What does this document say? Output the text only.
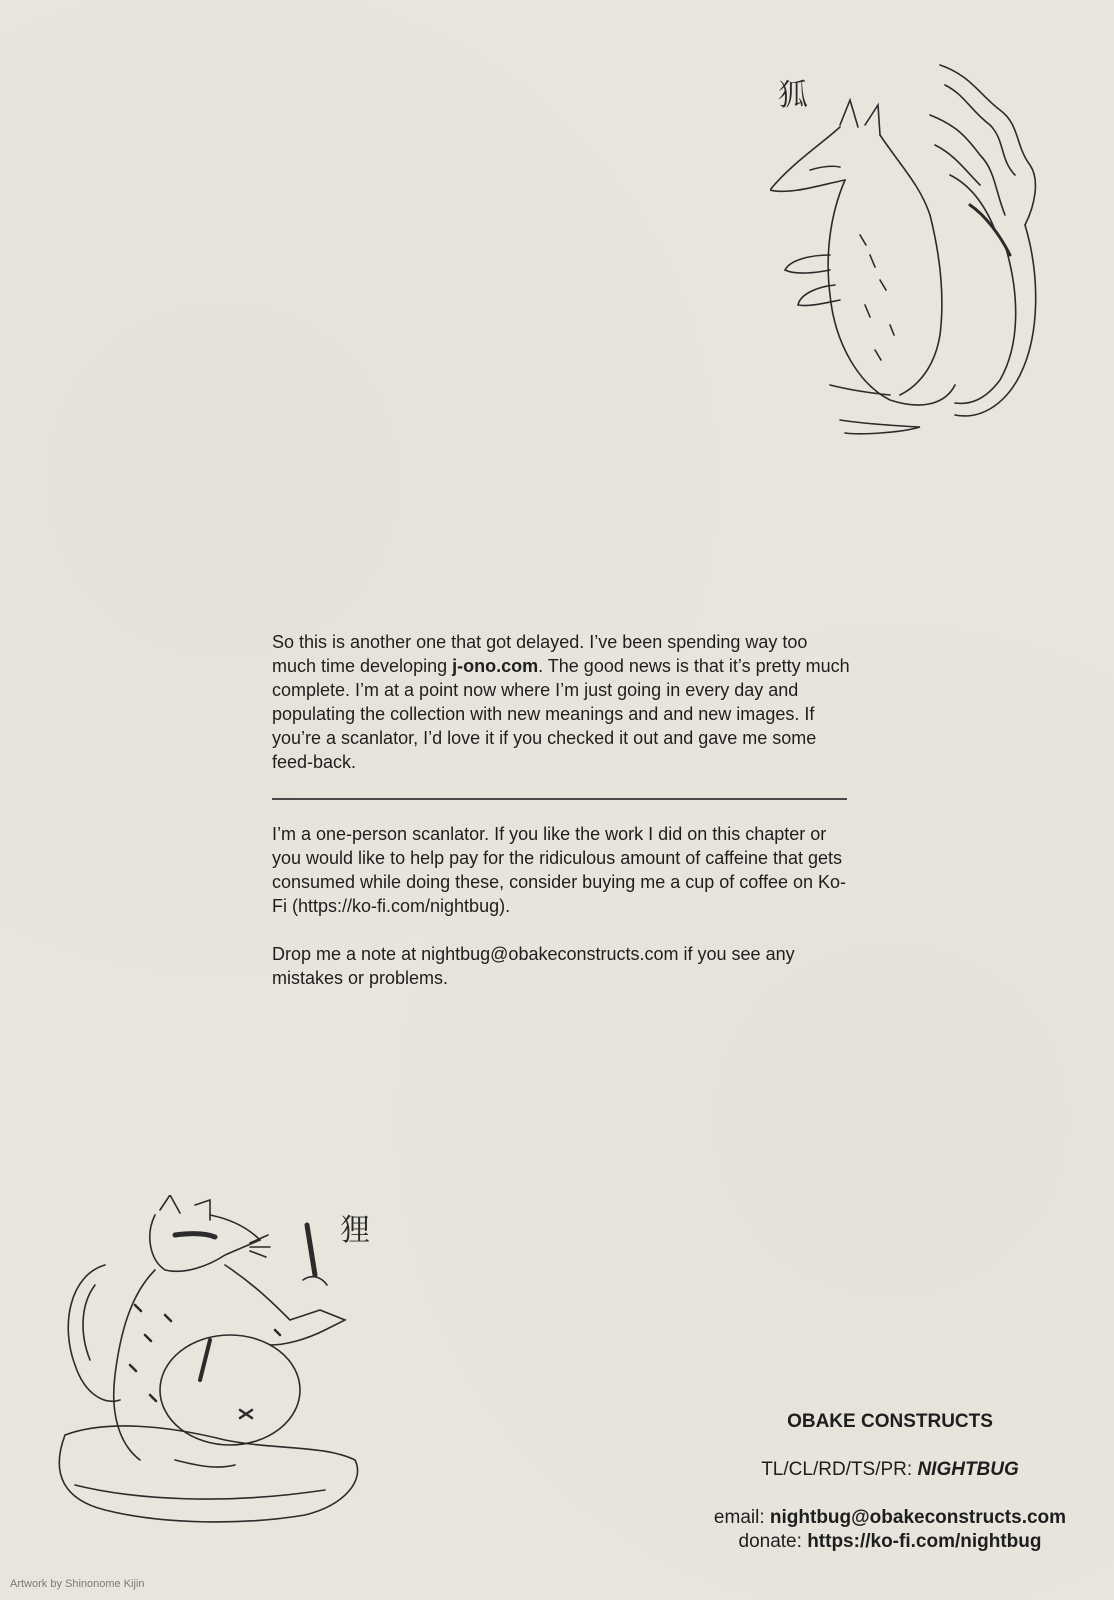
狐

So this is another one that got delayed. I’ve been spending way too much time developing j-ono.com. The good news is that it’s pretty much complete. I’m at a point now where I’m just going in every day and populating the collection with new meanings and and new images. If you’re a scanlator, I’d love it if you checked it out and gave me some feed-back.

I’m a one-person scanlator. If you like the work I did on this chapter or you would like to help pay for the ridiculous amount of caffeine that gets consumed while doing these, consider buying me a cup of coffee on Ko-Fi (https://ko-fi.com/nightbug).

Drop me a note at nightbug@obakeconstructs.com if you see any mistakes or problems.

狸
OBAKE CONSTRUCTS
TL/CL/RD/TS/PR: NIGHTBUG
email: nightbug@obakeconstructs.com
donate: https://ko-fi.com/nightbug
Artwork by Shinonome Kijin
